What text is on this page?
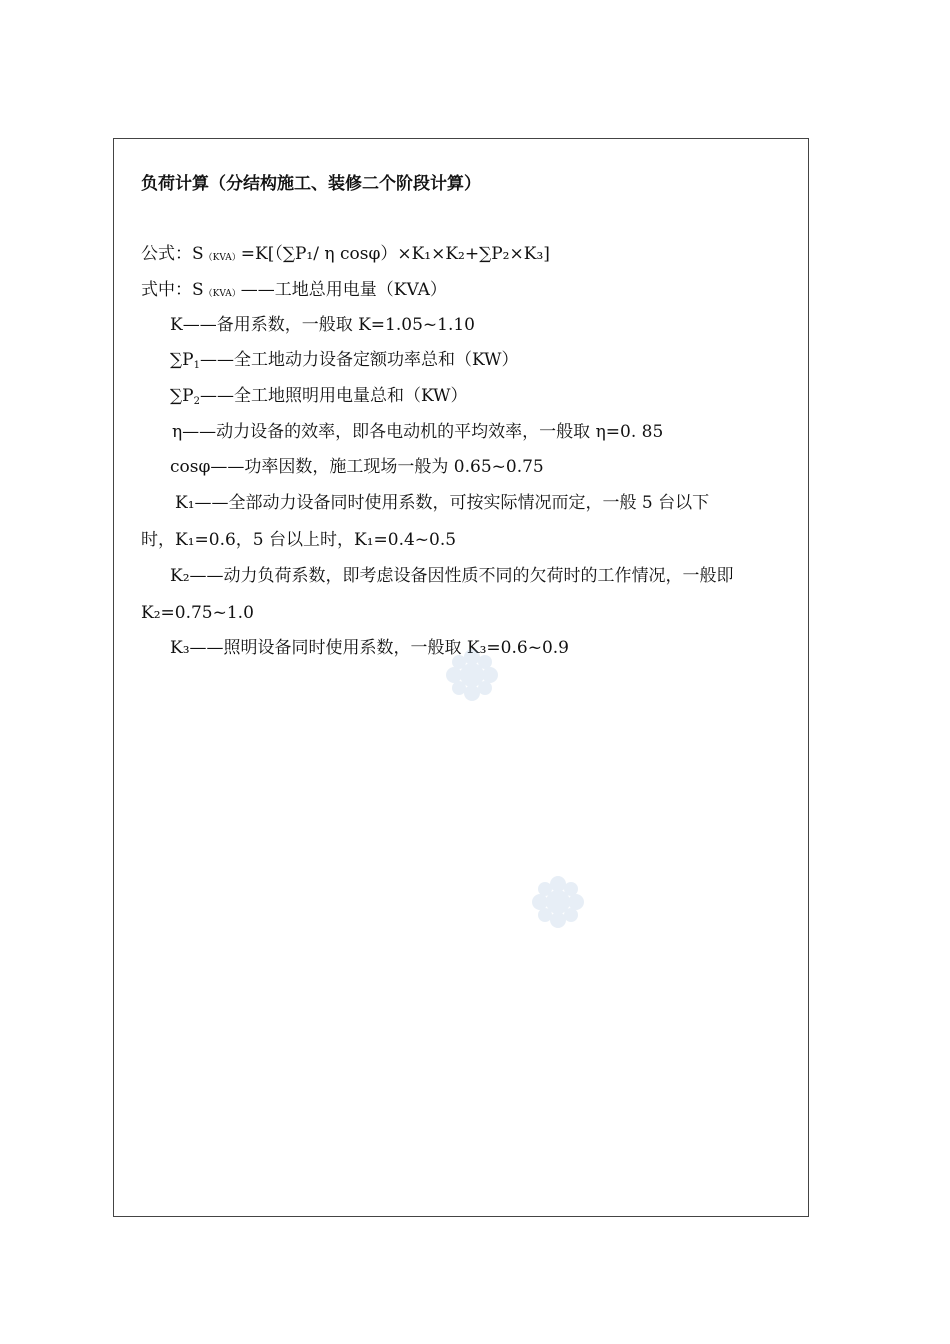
负荷计算（分结构施工、装修二个阶段计算）
公式：S（KVA）=K[（∑P₁/ η cosφ）×K₁×K₂+∑P₂×K₃]
式中：S（KVA）——工地总用电量（KVA）
K——备用系数，一般取 K=1.05~1.10
$\sum P_1——$全工地动力设备定额功率总和（KW）
$\sum P_2——$全工地照明用电量总和（KW）
η——动力设备的效率，即各电动机的平均效率，一般取 η=0. 85
cosφ——功率因数，施工现场一般为 0.65~0.75
K₁——全部动力设备同时使用系数，可按实际情况而定，一般 5 台以下
时，K₁=0.6，5 台以上时，K₁=0.4~0.5
K₂——动力负荷系数，即考虑设备因性质不同的欠荷时的工作情况，一般即
K₂=0.75~1.0
K₃——照明设备同时使用系数，一般取 K₃=0.6~0.9
